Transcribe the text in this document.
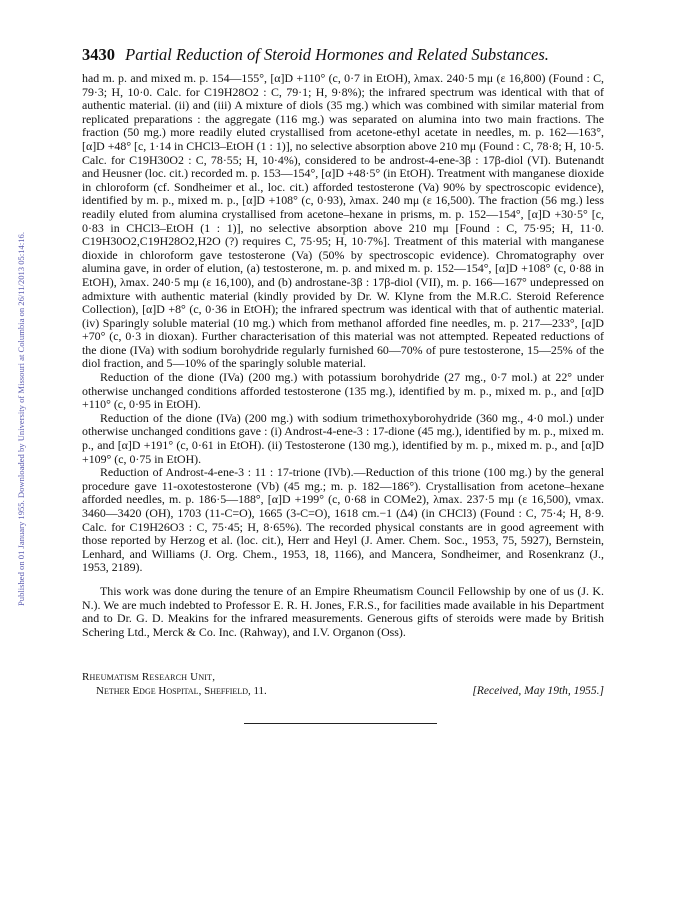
Published on 01 January 1955. Downloaded by University of Missouri at Columbia on 26/11/2013 05:14:16.
3430 Partial Reduction of Steroid Hormones and Related Substances.

had m. p. and mixed m. p. 154—155°, [α]D +110° (c, 0·7 in EtOH), λmax. 240·5 mμ (ε 16,800) (Found : C, 79·3; H, 10·0. Calc. for C19H28O2 : C, 79·1; H, 9·8%); the infrared spectrum was identical with that of authentic material. (ii) and (iii) A mixture of diols (35 mg.) which was combined with similar material from replicated preparations : the aggregate (116 mg.) was separated on alumina into two main fractions. The fraction (50 mg.) more readily eluted crystallised from acetone-ethyl acetate in needles, m. p. 162—163°, [α]D +48° [c, 1·14 in CHCl3–EtOH (1 : 1)], no selective absorption above 210 mμ (Found : C, 78·8; H, 10·5. Calc. for C19H30O2 : C, 78·55; H, 10·4%), considered to be androst-4-ene-3β : 17β-diol (VI). Butenandt and Heusner (loc. cit.) recorded m. p. 153—154°, [α]D +48·5° (in EtOH). Treatment with manganese dioxide in chloroform (cf. Sondheimer et al., loc. cit.) afforded testosterone (Va) 90% by spectroscopic evidence), identified by m. p., mixed m. p., [α]D +108° (c, 0·93), λmax. 240 mμ (ε 16,500). The fraction (56 mg.) less readily eluted from alumina crystallised from acetone–hexane in prisms, m. p. 152—154°, [α]D +30·5° [c, 0·83 in CHCl3–EtOH (1 : 1)], no selective absorption above 210 mμ [Found : C, 75·95; H, 11·0. C19H30O2,C19H28O2,H2O (?) requires C, 75·95; H, 10·7%]. Treatment of this material with manganese dioxide in chloroform gave testosterone (Va) (50% by spectroscopic evidence). Chromatography over alumina gave, in order of elution, (a) testosterone, m. p. and mixed m. p. 152—154°, [α]D +108° (c, 0·88 in EtOH), λmax. 240·5 mμ (ε 16,100), and (b) androstane-3β : 17β-diol (VII), m. p. 166—167° undepressed on admixture with authentic material (kindly provided by Dr. W. Klyne from the M.R.C. Steroid Reference Collection), [α]D +8° (c, 0·36 in EtOH); the infrared spectrum was identical with that of authentic material. (iv) Sparingly soluble material (10 mg.) which from methanol afforded fine needles, m. p. 217—233°, [α]D +70° (c, 0·3 in dioxan). Further characterisation of this material was not attempted. Repeated reductions of the dione (IVa) with sodium borohydride regularly furnished 60—70% of pure testosterone, 15—25% of the diol fraction, and 5—10% of the sparingly soluble material.

Reduction of the dione (IVa) (200 mg.) with potassium borohydride (27 mg., 0·7 mol.) at 22° under otherwise unchanged conditions afforded testosterone (135 mg.), identified by m. p., mixed m. p., and [α]D +110° (c, 0·95 in EtOH).

Reduction of the dione (IVa) (200 mg.) with sodium trimethoxyborohydride (360 mg., 4·0 mol.) under otherwise unchanged conditions gave : (i) Androst-4-ene-3 : 17-dione (45 mg.), identified by m. p., mixed m. p., and [α]D +191° (c, 0·61 in EtOH). (ii) Testosterone (130 mg.), identified by m. p., mixed m. p., and [α]D +109° (c, 0·75 in EtOH).

Reduction of Androst-4-ene-3 : 11 : 17-trione (IVb).—Reduction of this trione (100 mg.) by the general procedure gave 11-oxotestosterone (Vb) (45 mg.; m. p. 182—186°). Crystallisation from acetone–hexane afforded needles, m. p. 186·5—188°, [α]D +199° (c, 0·68 in COMe2), λmax. 237·5 mμ (ε 16,500), νmax. 3460—3420 (OH), 1703 (11-C=O), 1665 (3-C=O), 1618 cm.−1 (Δ4) (in CHCl3) (Found : C, 75·4; H, 8·9. Calc. for C19H26O3 : C, 75·45; H, 8·65%). The recorded physical constants are in good agreement with those reported by Herzog et al. (loc. cit.), Herr and Heyl (J. Amer. Chem. Soc., 1953, 75, 5927), Bernstein, Lenhard, and Williams (J. Org. Chem., 1953, 18, 1166), and Mancera, Sondheimer, and Rosenkranz (J., 1953, 2189).

This work was done during the tenure of an Empire Rheumatism Council Fellowship by one of us (J. K. N.). We are much indebted to Professor E. R. H. Jones, F.R.S., for facilities made available in his Department and to Dr. G. D. Meakins for the infrared measurements. Generous gifts of steroids were made by British Schering Ltd., Merck & Co. Inc. (Rahway), and I.V. Organon (Oss).

Rheumatism Research Unit,
Nether Edge Hospital, Sheffield, 11.	[Received, May 19th, 1955.]
